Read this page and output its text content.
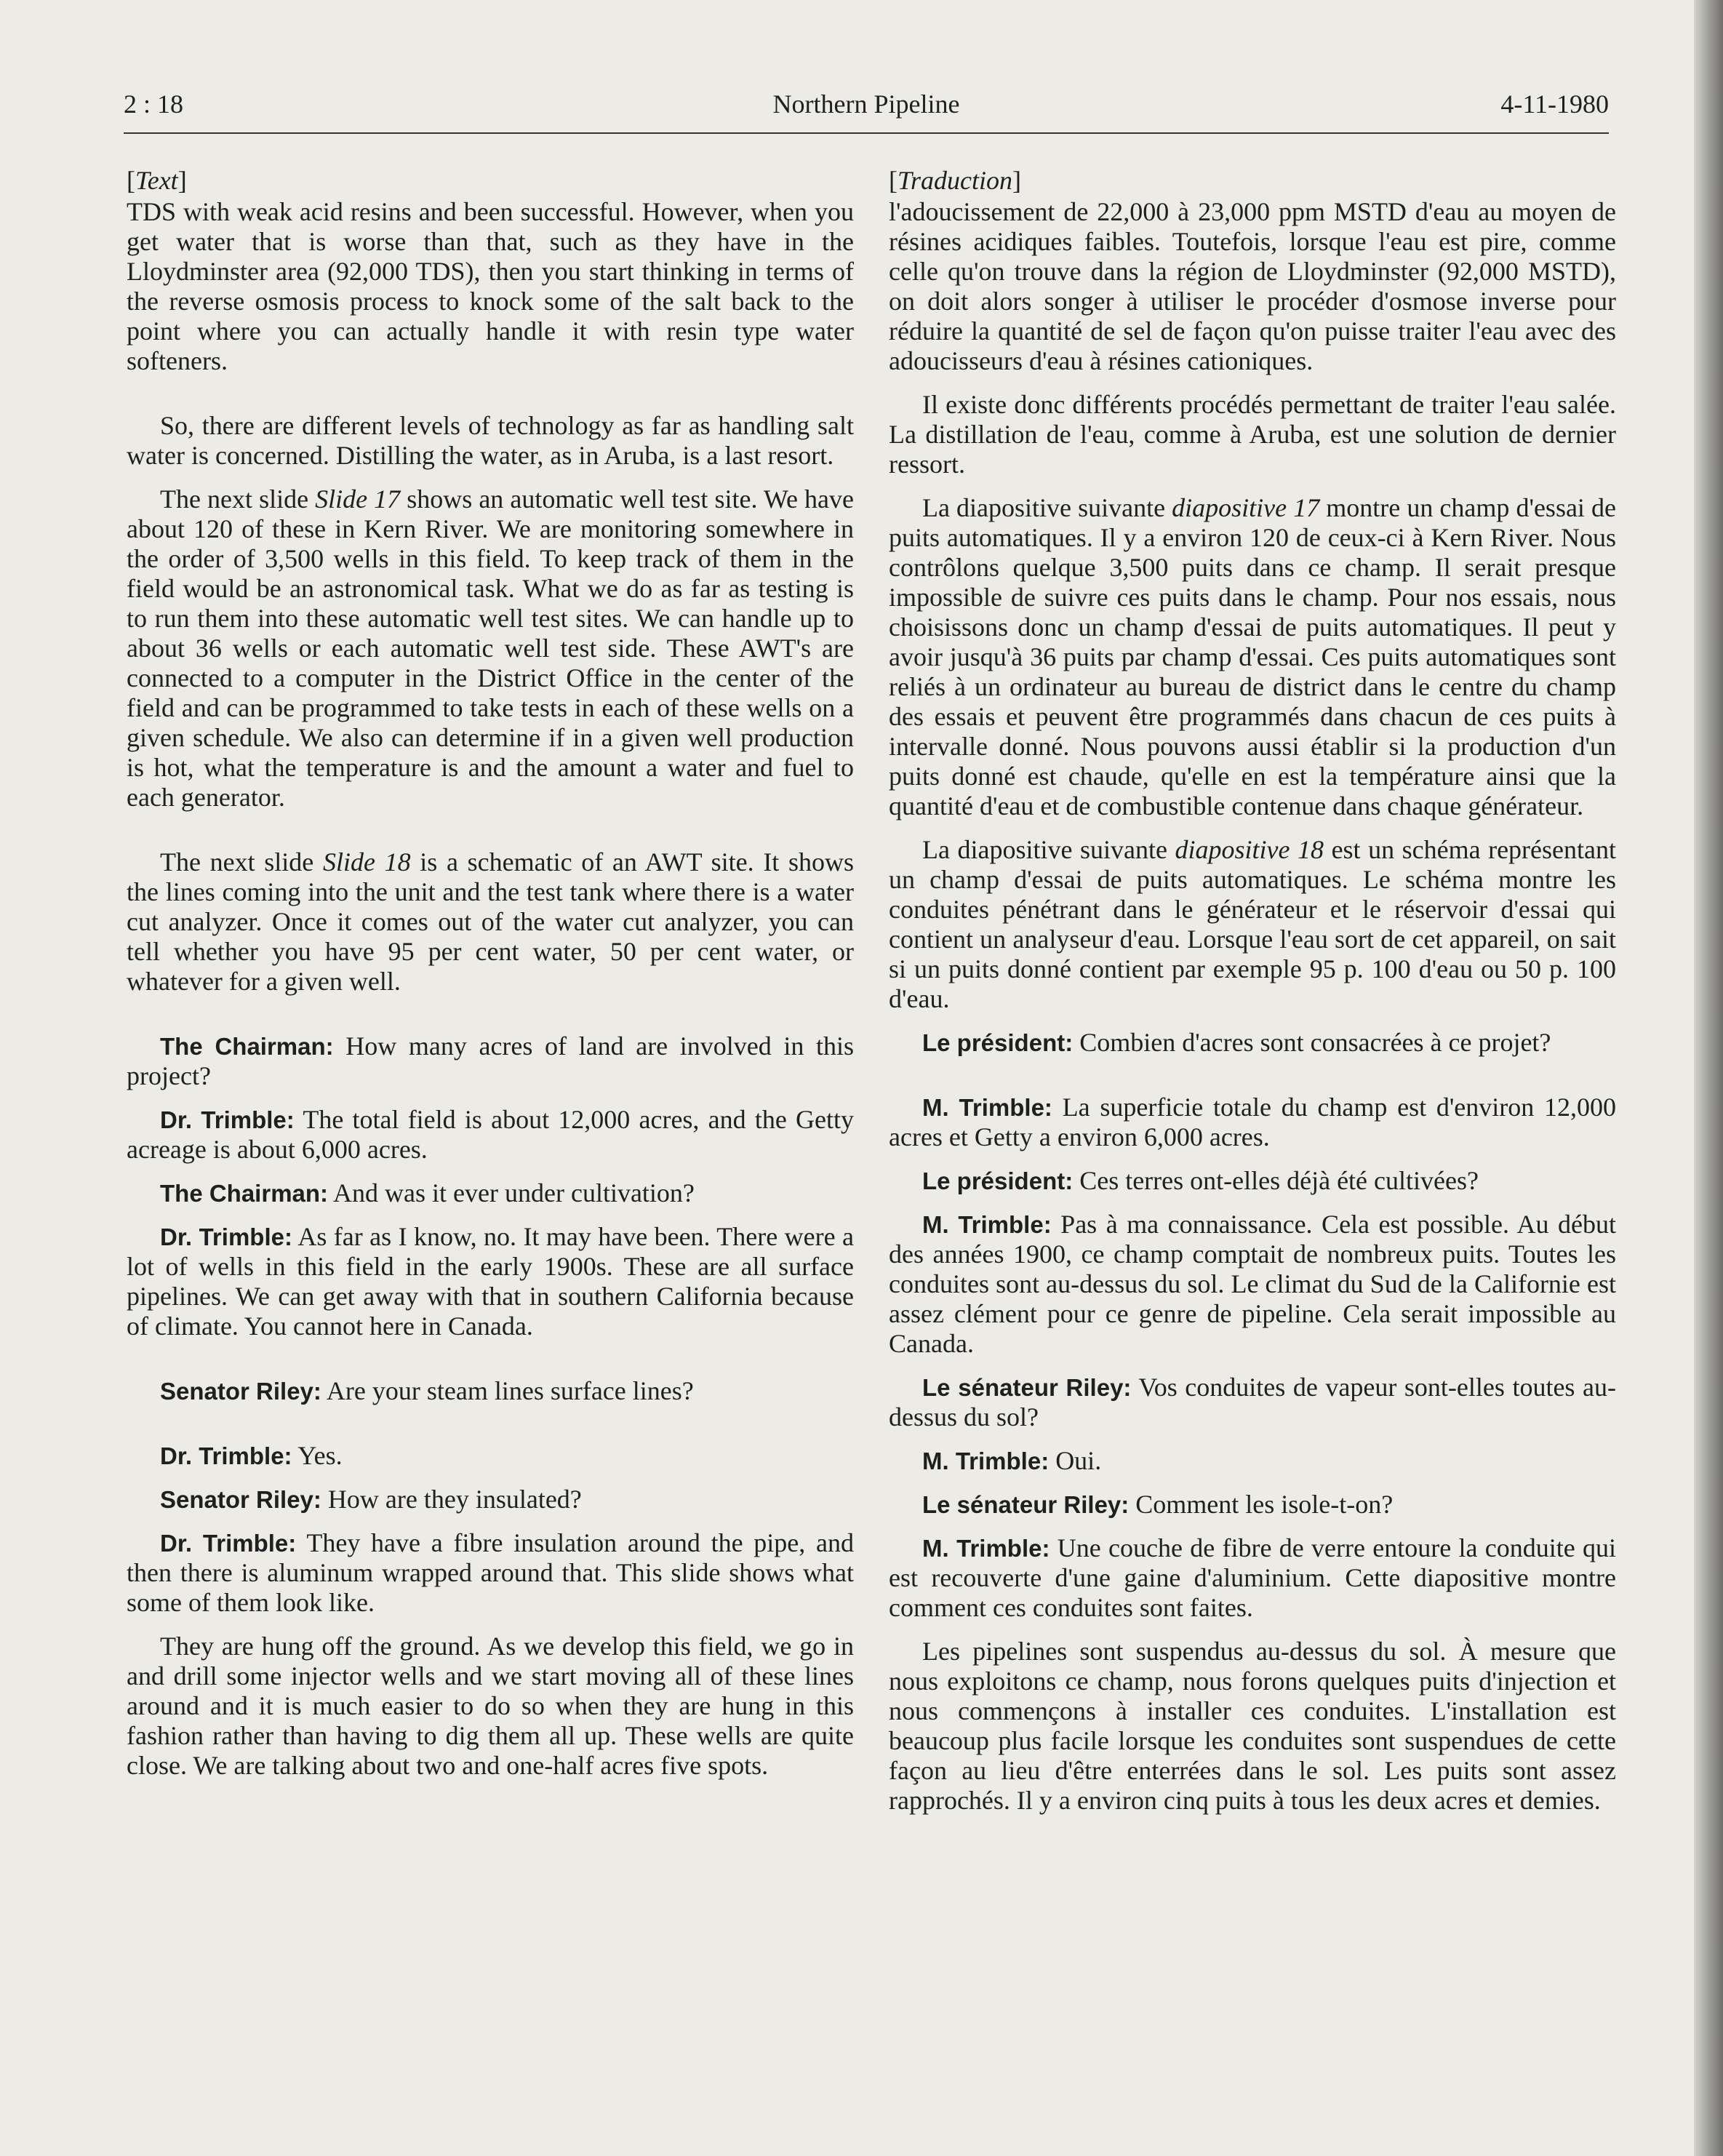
2 : 18	Northern Pipeline	4-11-1980
[Text]

TDS with weak acid resins and been successful. However, when you get water that is worse than that, such as they have in the Lloydminster area (92,000 TDS), then you start thinking in terms of the reverse osmosis process to knock some of the salt back to the point where you can actually handle it with resin type water softeners.

So, there are different levels of technology as far as handling salt water is concerned. Distilling the water, as in Aruba, is a last resort.

The next slide Slide 17 shows an automatic well test site. We have about 120 of these in Kern River. We are monitoring somewhere in the order of 3,500 wells in this field. To keep track of them in the field would be an astronomical task. What we do as far as testing is to run them into these automatic well test sites. We can handle up to about 36 wells or each automatic well test side. These AWT's are connected to a computer in the District Office in the center of the field and can be programmed to take tests in each of these wells on a given schedule. We also can determine if in a given well production is hot, what the temperature is and the amount a water and fuel to each generator.

The next slide Slide 18 is a schematic of an AWT site. It shows the lines coming into the unit and the test tank where there is a water cut analyzer. Once it comes out of the water cut analyzer, you can tell whether you have 95 per cent water, 50 per cent water, or whatever for a given well.

The Chairman: How many acres of land are involved in this project?

Dr. Trimble: The total field is about 12,000 acres, and the Getty acreage is about 6,000 acres.

The Chairman: And was it ever under cultivation?

Dr. Trimble: As far as I know, no. It may have been. There were a lot of wells in this field in the early 1900s. These are all surface pipelines. We can get away with that in southern California because of climate. You cannot here in Canada.

Senator Riley: Are your steam lines surface lines?

Dr. Trimble: Yes.

Senator Riley: How are they insulated?

Dr. Trimble: They have a fibre insulation around the pipe, and then there is aluminum wrapped around that. This slide shows what some of them look like.

They are hung off the ground. As we develop this field, we go in and drill some injector wells and we start moving all of these lines around and it is much easier to do so when they are hung in this fashion rather than having to dig them all up. These wells are quite close. We are talking about two and one-half acres five spots.

[Traduction]

l'adoucissement de 22,000 à 23,000 ppm MSTD d'eau au moyen de résines acidiques faibles. Toutefois, lorsque l'eau est pire, comme celle qu'on trouve dans la région de Lloydminster (92,000 MSTD), on doit alors songer à utiliser le procéder d'osmose inverse pour réduire la quantité de sel de façon qu'on puisse traiter l'eau avec des adoucisseurs d'eau à résines cationiques.

Il existe donc différents procédés permettant de traiter l'eau salée. La distillation de l'eau, comme à Aruba, est une solution de dernier ressort.

La diapositive suivante diapositive 17 montre un champ d'essai de puits automatiques. Il y a environ 120 de ceux-ci à Kern River. Nous contrôlons quelque 3,500 puits dans ce champ. Il serait presque impossible de suivre ces puits dans le champ. Pour nos essais, nous choisissons donc un champ d'essai de puits automatiques. Il peut y avoir jusqu'à 36 puits par champ d'essai. Ces puits automatiques sont reliés à un ordinateur au bureau de district dans le centre du champ des essais et peuvent être programmés dans chacun de ces puits à intervalle donné. Nous pouvons aussi établir si la production d'un puits donné est chaude, qu'elle en est la température ainsi que la quantité d'eau et de combustible contenue dans chaque générateur.

La diapositive suivante diapositive 18 est un schéma représentant un champ d'essai de puits automatiques. Le schéma montre les conduites pénétrant dans le générateur et le réservoir d'essai qui contient un analyseur d'eau. Lorsque l'eau sort de cet appareil, on sait si un puits donné contient par exemple 95 p. 100 d'eau ou 50 p. 100 d'eau.

Le président: Combien d'acres sont consacrées à ce projet?

M. Trimble: La superficie totale du champ est d'environ 12,000 acres et Getty a environ 6,000 acres.

Le président: Ces terres ont-elles déjà été cultivées?

M. Trimble: Pas à ma connaissance. Cela est possible. Au début des années 1900, ce champ comptait de nombreux puits. Toutes les conduites sont au-dessus du sol. Le climat du Sud de la Californie est assez clément pour ce genre de pipeline. Cela serait impossible au Canada.

Le sénateur Riley: Vos conduites de vapeur sont-elles toutes au-dessus du sol?

M. Trimble: Oui.

Le sénateur Riley: Comment les isole-t-on?

M. Trimble: Une couche de fibre de verre entoure la conduite qui est recouverte d'une gaine d'aluminium. Cette diapositive montre comment ces conduites sont faites.

Les pipelines sont suspendus au-dessus du sol. À mesure que nous exploitons ce champ, nous forons quelques puits d'injection et nous commençons à installer ces conduites. L'installation est beaucoup plus facile lorsque les conduites sont suspendues de cette façon au lieu d'être enterrées dans le sol. Les puits sont assez rapprochés. Il y a environ cinq puits à tous les deux acres et demies.
